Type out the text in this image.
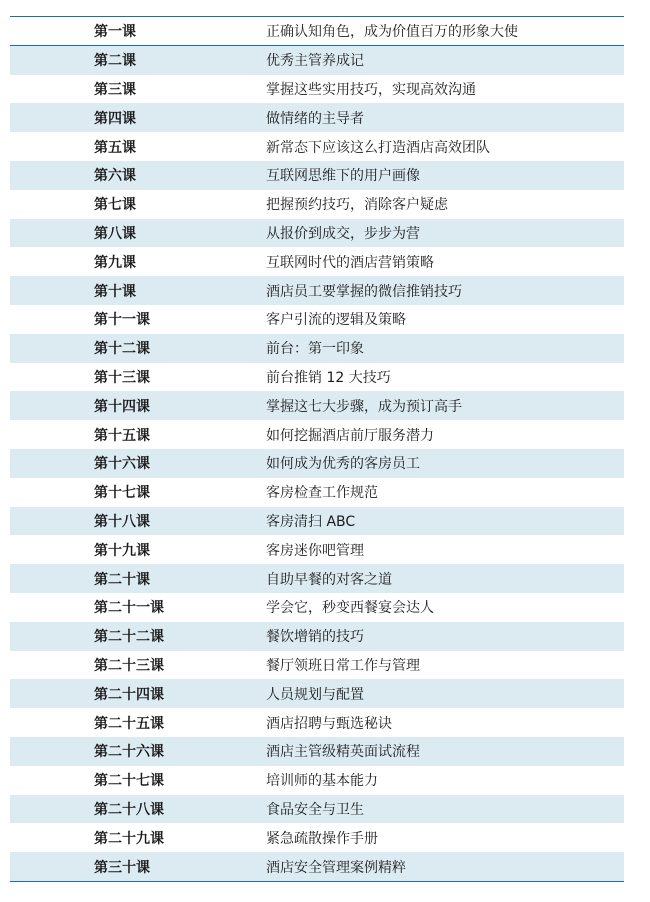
第一课	正确认知角色，成为价值百万的形象大使
第二课	优秀主管养成记
第三课	掌握这些实用技巧，实现高效沟通
第四课	做情绪的主导者
第五课	新常态下应该这么打造酒店高效团队
第六课	互联网思维下的用户画像
第七课	把握预约技巧，消除客户疑虑
第八课	从报价到成交，步步为营
第九课	互联网时代的酒店营销策略
第十课	酒店员工要掌握的微信推销技巧
第十一课	客户引流的逻辑及策略
第十二课	前台：第一印象
第十三课	前台推销 12 大技巧
第十四课	掌握这七大步骤，成为预订高手
第十五课	如何挖掘酒店前厅服务潜力
第十六课	如何成为优秀的客房员工
第十七课	客房检查工作规范
第十八课	客房清扫 ABC
第十九课	客房迷你吧管理
第二十课	自助早餐的对客之道
第二十一课	学会它，秒变西餐宴会达人
第二十二课	餐饮增销的技巧
第二十三课	餐厅领班日常工作与管理
第二十四课	人员规划与配置
第二十五课	酒店招聘与甄选秘诀
第二十六课	酒店主管级精英面试流程
第二十七课	培训师的基本能力
第二十八课	食品安全与卫生
第二十九课	紧急疏散操作手册
第三十课	酒店安全管理案例精粹
